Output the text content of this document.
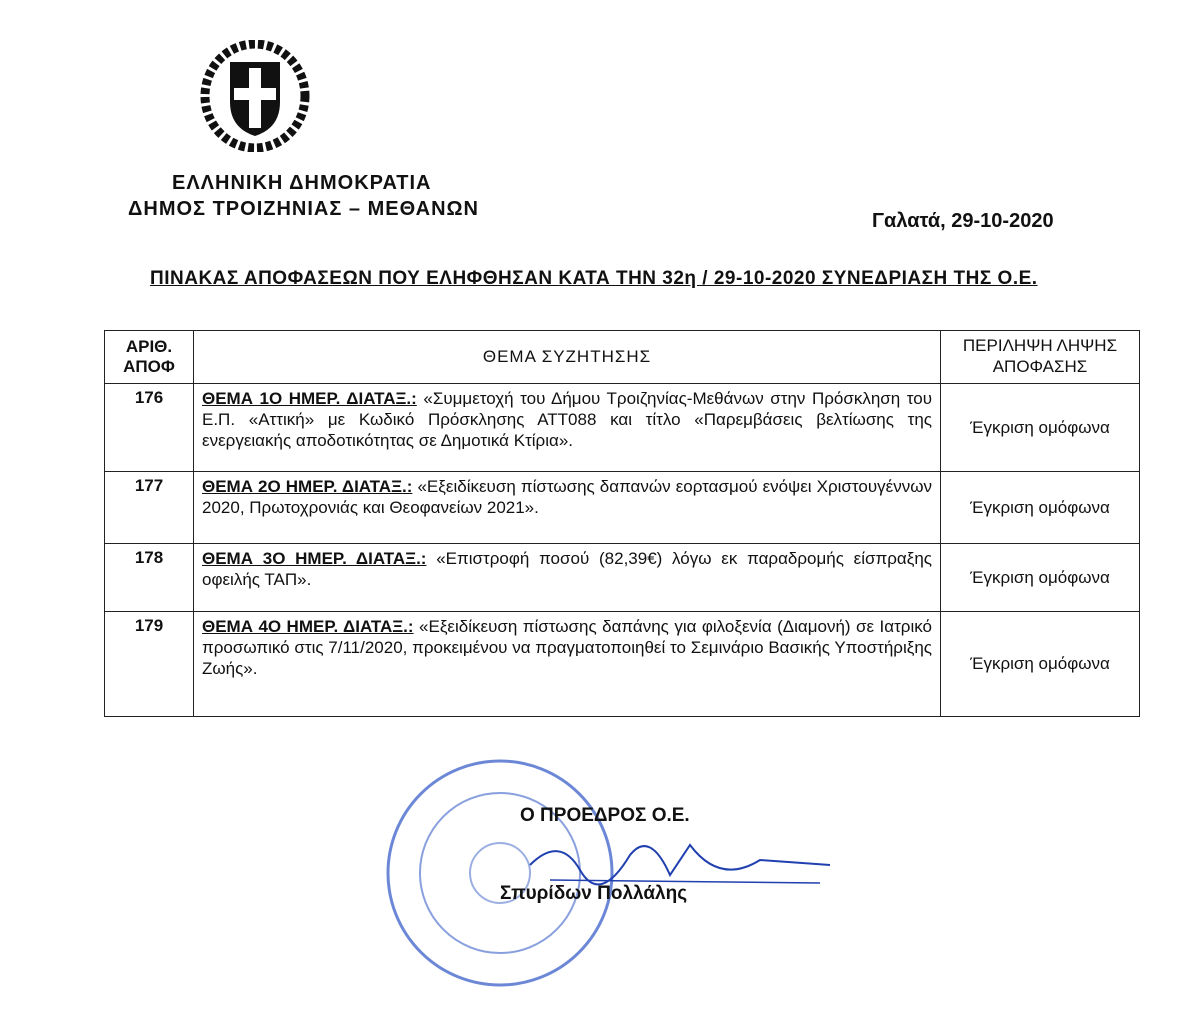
ΕΛΛΗΝΙΚΗ ΔΗΜΟΚΡΑΤΙΑ
ΔΗΜΟΣ ΤΡΟΙΖΗΝΙΑΣ – ΜΕΘΑΝΩΝ
Γαλατά, 29-10-2020
ΠΙΝΑΚΑΣ ΑΠΟΦΑΣΕΩΝ ΠΟΥ ΕΛΗΦΘΗΣΑΝ ΚΑΤΑ ΤΗΝ 32η / 29-10-2020 ΣΥΝΕΔΡΙΑΣΗ ΤΗΣ Ο.Ε.
ΑΡΙΘ. ΑΠΟΦ	ΘΕΜΑ ΣΥΖΗΤΗΣΗΣ	ΠΕΡΙΛΗΨΗ ΛΗΨΗΣ ΑΠΟΦΑΣΗΣ
176	ΘΕΜΑ 1Ο ΗΜΕΡ. ΔΙΑΤΑΞ.: «Συμμετοχή του Δήμου Τροιζηνίας-Μεθάνων στην Πρόσκληση του Ε.Π. «Αττική» με Κωδικό Πρόσκλησης ΑΤΤ088 και τίτλο «Παρεμβάσεις βελτίωσης της ενεργειακής αποδοτικότητας σε Δημοτικά Κτίρια».	Έγκριση ομόφωνα
177	ΘΕΜΑ 2Ο ΗΜΕΡ. ΔΙΑΤΑΞ.: «Εξειδίκευση πίστωσης δαπανών εορτασμού ενόψει Χριστουγέννων 2020, Πρωτοχρονιάς και Θεοφανείων 2021».	Έγκριση ομόφωνα
178	ΘΕΜΑ 3Ο ΗΜΕΡ. ΔΙΑΤΑΞ.: «Επιστροφή ποσού (82,39€) λόγω εκ παραδρομής είσπραξης οφειλής ΤΑΠ».	Έγκριση ομόφωνα
179	ΘΕΜΑ 4Ο ΗΜΕΡ. ΔΙΑΤΑΞ.: «Εξειδίκευση πίστωσης δαπάνης για φιλοξενία (Διαμονή) σε Ιατρικό προσωπικό στις 7/11/2020, προκειμένου να πραγματοποιηθεί το Σεμινάριο Βασικής Υποστήριξης Ζωής».	Έγκριση ομόφωνα
Ο ΠΡΟΕΔΡΟΣ Ο.Ε.
Σπυρίδων Πολλάλης
